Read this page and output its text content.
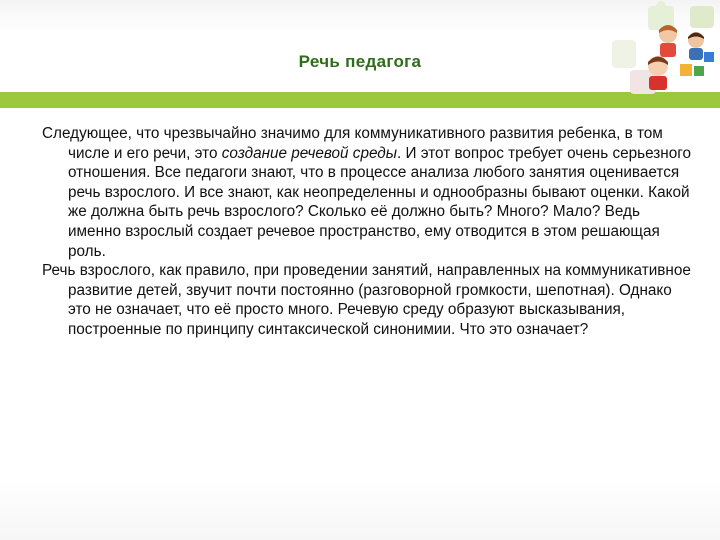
Речь педагога

Следующее, что чрезвычайно значимо для коммуникативного развития ребенка, в том числе и его речи, это создание речевой среды. И этот вопрос требует очень серьезного отношения. Все педагоги знают, что в процессе анализа любого занятия оценивается речь взрослого. И все знают, как неопределенны и однообразны бывают оценки. Какой же должна быть речь взрослого? Сколько её должно быть? Много? Мало? Ведь именно взрослый создает речевое пространство, ему отводится в этом решающая роль.

Речь взрослого, как правило, при проведении занятий, направленных на коммуникативное развитие детей, звучит почти постоянно (разговорной громкости, шепотная). Однако это не означает, что её просто много. Речевую среду образуют высказывания, построенные по принципу синтаксической синонимии. Что это означает?
